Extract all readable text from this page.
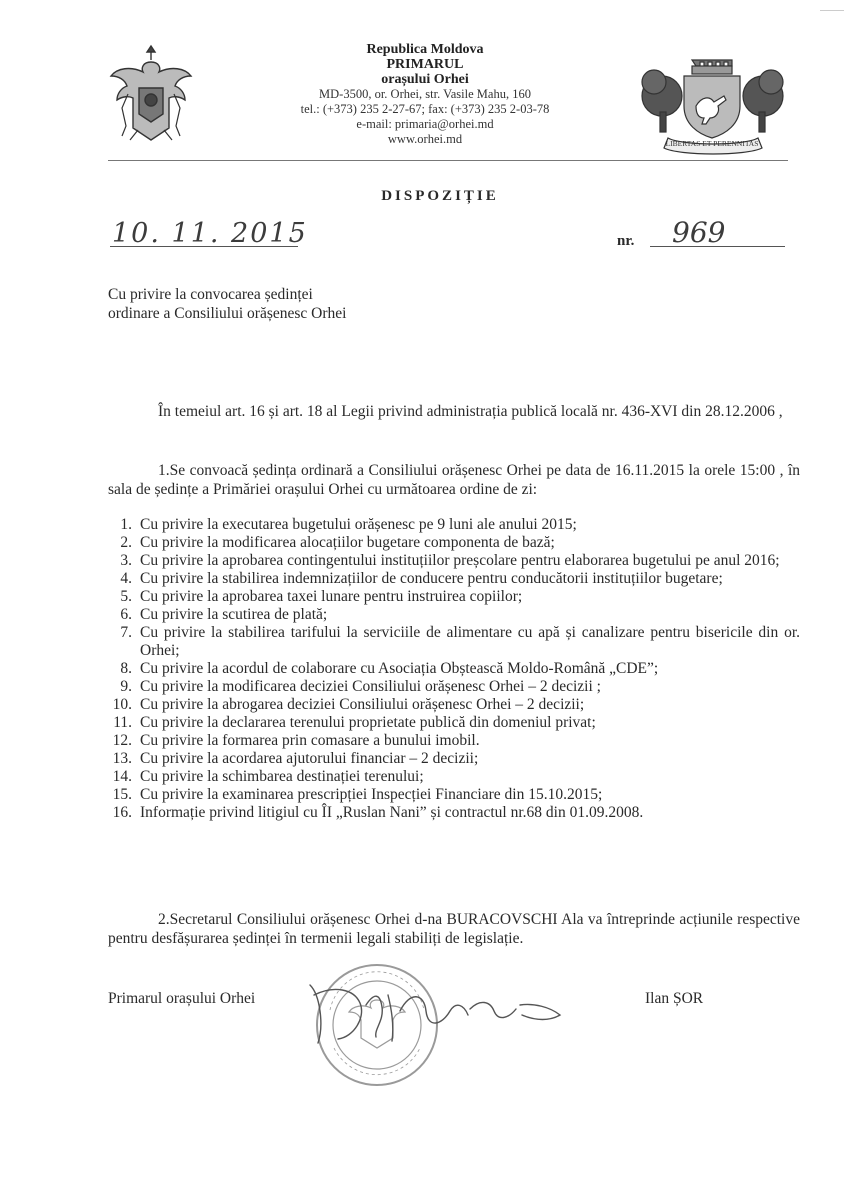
Republica Moldova
PRIMARUL
orașului Orhei
MD-3500, or. Orhei, str. Vasile Mahu, 160
tel.: (+373) 235 2-27-67; fax: (+373) 235 2-03-78
e-mail: primaria@orhei.md
www.orhei.md	LIBERTAS ET PERENNITAS
DISPOZIȚIE
10. 11. 2015	nr. 969
Cu privire la convocarea ședinței
ordinare a Consiliului orășenesc Orhei
În temeiul art. 16 și art. 18 al Legii privind administrația publică locală nr. 436-XVI din 28.12.2006 ,
1.Se convoacă ședința ordinară a Consiliului orășenesc Orhei pe data de 16.11.2015 la orele 15:00 , în sala de ședințe a Primăriei orașului Orhei cu următoarea ordine de zi:
1. Cu privire la executarea bugetului orășenesc pe 9 luni ale anului 2015;
2. Cu privire la modificarea alocațiilor bugetare componenta de bază;
3. Cu privire la aprobarea contingentului instituțiilor preșcolare pentru elaborarea bugetului pe anul 2016;
4. Cu privire la stabilirea indemnizațiilor de conducere pentru conducătorii instituțiilor bugetare;
5. Cu privire la aprobarea taxei lunare pentru instruirea copiilor;
6. Cu privire la scutirea de plată;
7. Cu privire la stabilirea tarifului la serviciile de alimentare cu apă și canalizare pentru bisericile din or. Orhei;
8. Cu privire la acordul de colaborare cu Asociația Obștească Moldo-Română „CDE”;
9. Cu privire la modificarea deciziei Consiliului orășenesc Orhei – 2 decizii ;
10. Cu privire la abrogarea deciziei Consiliului orășenesc Orhei – 2 decizii;
11. Cu privire la declararea terenului proprietate publică din domeniul privat;
12. Cu privire la formarea prin comasare a bunului imobil.
13. Cu privire la acordarea ajutorului financiar – 2 decizii;
14. Cu privire la schimbarea destinației terenului;
15. Cu privire la examinarea prescripției Inspecției Financiare din 15.10.2015;
16. Informație privind litigiul cu ÎI „Ruslan Nani” și contractul nr.68 din 01.09.2008.
2.Secretarul Consiliului orășenesc Orhei d-na BURACOVSCHI Ala va întreprinde acțiunile respective pentru desfășurarea ședinței în termenii legali stabiliți de legislație.
Primarul orașului Orhei	Ilan ȘOR
